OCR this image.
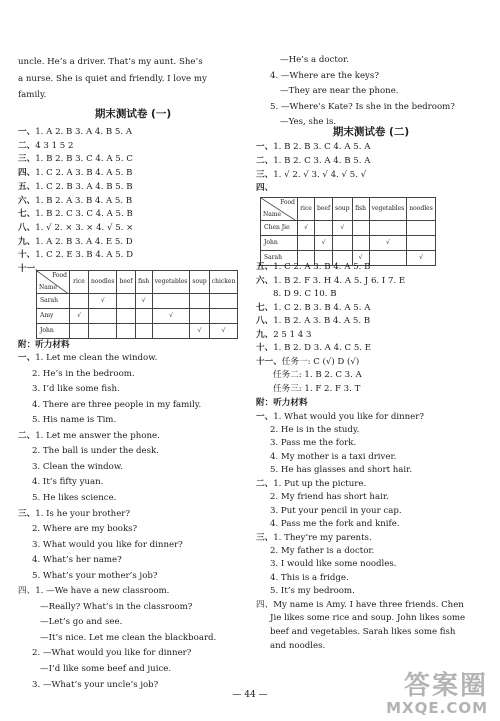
uncle. He’s a driver. That’s my aunt. She’s
a nurse. She is quiet and friendly. I love my
family.
期末测试卷 (一)
一、1. A 2. B 3. A 4. B 5. A
二、4 3 1 5 2
三、1. B 2. B 3. C 4. A 5. C
四、1. C 2. A 3. B 4. A 5. B
五、1. C 2. B 3. A 4. B 5. B
六、1. B 2. A 3. B 4. A 5. B
七、1. B 2. C 3. C 4. A 5. B
八、1. √ 2. × 3. × 4. √ 5. ×
九、1. A 2. B 3. A 4. E 5. D
十、1. C 2. E 3. B 4. A 5. D
十一、
Food
Name	rice	noodles	beef	fish	vegetables	soup	chicken
Sarah		√		√			
Amy	√				√		
John						√	√
附：听力材料
一、1. Let me clean the window.
2. He’s in the bedroom.
3. I’d like some fish.
4. There are three people in my family.
5. His name is Tim.
二、1. Let me answer the phone.
2. The ball is under the desk.
3. Clean the window.
4. It’s fifty yuan.
5. He likes science.
三、1. Is he your brother?
2. Where are my books?
3. What would you like for dinner?
4. What’s her name?
5. What’s your mother’s job?
四、1. —We have a new classroom.
—Really? What’s in the classroom?
—Let’s go and see.
—It’s nice. Let me clean the blackboard.
2. —What would you like for dinner?
—I’d like some beef and juice.
3. —What’s your uncle’s job?
—He’s a doctor.
4. —Where are the keys?
—They are near the phone.
5. —Where’s Kate? Is she in the bedroom?
—Yes, she is.
期末测试卷 (二)
一、1. B 2. B 3. C 4. A 5. A
二、1. B 2. C 3. A 4. B 5. A
三、1. √ 2. √ 3. √ 4. √ 5. √
四、
Food
Name	rice	beef	soup	fish	vegetables	noodles
Chen Jie	√		√			
John		√			√	
Sarah				√		√
五、1. C 2. A 3. B 4. A 5. B
六、1. B 2. F 3. H 4. A 5. J 6. I 7. E
8. D 9. C 10. B
七、1. C 2. B 3. B 4. A 5. A
八、1. B 2. A 3. B 4. A 5. B
九、2 5 1 4 3
十、1. B 2. D 3. A 4. C 5. E
十一、任务一: C (√) D (√)
任务二: 1. B 2. C 3. A
任务三: 1. F 2. F 3. T
附：听力材料
一、1. What would you like for dinner?
2. He is in the study.
3. Pass me the fork.
4. My mother is a taxi driver.
5. He has glasses and short hair.
二、1. Put up the picture.
2. My friend has short hair.
3. Put your pencil in your cap.
4. Pass me the fork and knife.
三、1. They’re my parents.
2. My father is a doctor.
3. I would like some noodles.
4. This is a fridge.
5. It’s my bedroom.
四、My name is Amy. I have three friends. Chen
Jie likes some rice and soup. John likes some
beef and vegetables. Sarah likes some fish
and noodles.
— 44 —	答案圈
MXQE.COM
